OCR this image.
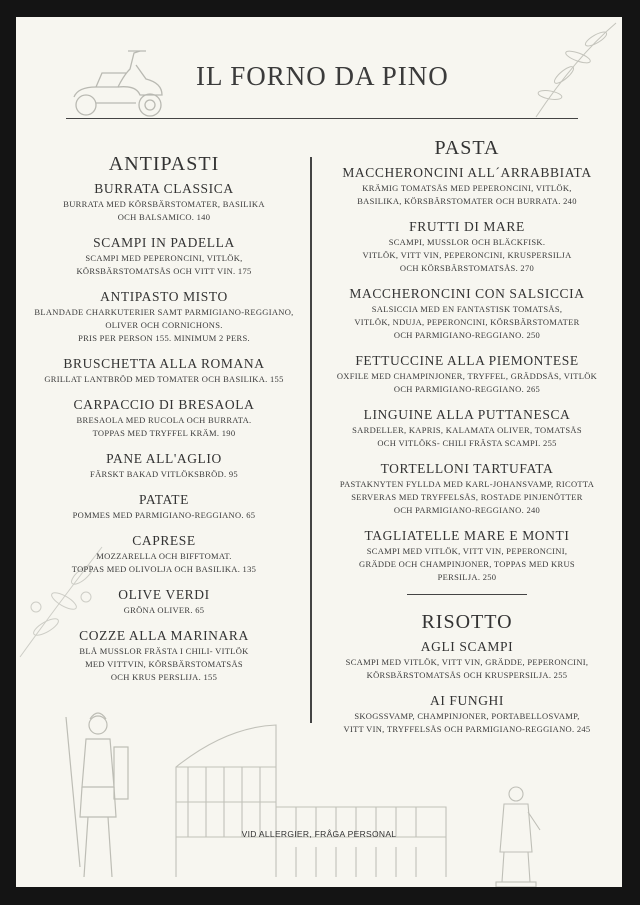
IL FORNO DA PINO
ANTIPASTI
BURRATA CLASSICA
BURRATA MED KÖRSBÄRSTOMATER, BASILIKA
OCH BALSAMICO. 140
SCAMPI IN PADELLA
SCAMPI MED PEPERONCINI, VITLÖK,
KÖRSBÄRSTOMATSÅS OCH VITT VIN. 175
ANTIPASTO MISTO
BLANDADE CHARKUTERIER SAMT PARMIGIANO-REGGIANO,
OLIVER OCH CORNICHONS.
PRIS PER PERSON 155. MINIMUM 2 PERS.
BRUSCHETTA ALLA ROMANA
GRILLAT LANTBRÖD MED TOMATER OCH BASILIKA. 155
CARPACCIO DI BRESAOLA
BRESAOLA MED RUCOLA OCH BURRATA.
TOPPAS MED TRYFFEL KRÄM. 190
PANE ALL'AGLIO
FÄRSKT BAKAD VITLÖKSBRÖD. 95
PATATE
POMMES MED PARMIGIANO-REGGIANO. 65
CAPRESE
MOZZARELLA OCH BIFFTOMAT.
TOPPAS MED OLIVOLJA OCH BASILIKA. 135
OLIVE VERDI
GRÖNA OLIVER. 65
COZZE ALLA MARINARA
BLÅ MUSSLOR FRÄSTA I CHILI- VITLÖK
MED VITTVIN, KÖRSBÄRSTOMATSÅS
OCH KRUS PERSLIJA. 155
PASTA
MACCHERONCINI ALL´ARRABBIATA
KRÄMIG TOMATSÅS MED PEPERONCINI, VITLÖK,
BASILIKA, KÖRSBÄRSTOMATER OCH BURRATA. 240
FRUTTI DI MARE
SCAMPI, MUSSLOR OCH BLÄCKFISK.
VITLÖK, VITT VIN, PEPERONCINI, KRUSPERSILJA
OCH KÖRSBÄRSTOMATSÅS. 270
MACCHERONCINI CON SALSICCIA
SALSICCIA MED EN FANTASTISK TOMATSÅS,
VITLÖK, NDUJA, PEPERONCINI, KÖRSBÄRSTOMATER
OCH PARMIGIANO-REGGIANO. 250
FETTUCCINE ALLA PIEMONTESE
OXFILE MED CHAMPINJONER, TRYFFEL, GRÄDDSÅS, VITLÖK
OCH PARMIGIANO-REGGIANO. 265
LINGUINE ALLA PUTTANESCA
SARDELLER, KAPRIS, KALAMATA OLIVER, TOMATSÅS
OCH VITLÖKS- CHILI FRÄSTA SCAMPI. 255
TORTELLONI TARTUFATA
PASTAKNYTEN FYLLDA MED KARL-JOHANSVAMP, RICOTTA
SERVERAS MED TRYFFELSÅS, ROSTADE PINJENÖTTER
OCH PARMIGIANO-REGGIANO. 240
TAGLIATELLE MARE E MONTI
SCAMPI MED VITLÖK, VITT VIN, PEPERONCINI,
GRÄDDE OCH CHAMPINJONER, TOPPAS MED KRUS
PERSILJA. 250
RISOTTO
AGLI SCAMPI
SCAMPI MED VITLÖK, VITT VIN, GRÄDDE, PEPERONCINI,
KÖRSBÄRSTOMATSÅS OCH KRUSPERSILJA. 255
AI FUNGHI
SKOGSSVAMP, CHAMPINJONER, PORTABELLOSVAMP,
VITT VIN, TRYFFELSÅS OCH PARMIGIANO-REGGIANO. 245
VID ALLERGIER, FRÅGA PERSONAL
